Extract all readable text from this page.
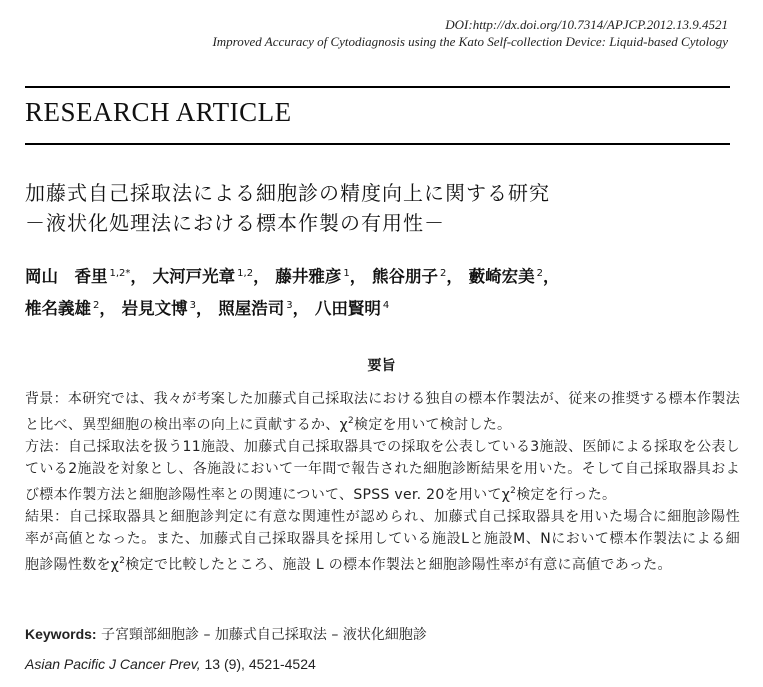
DOI:http://dx.doi.org/10.7314/APJCP.2012.13.9.4521
Improved Accuracy of Cytodiagnosis using the Kato Self-collection Device: Liquid-based Cytology
RESEARCH ARTICLE
加藤式自己採取法による細胞診の精度向上に関する研究
－液状化処理法における標本作製の有用性－
岡山　香里 $^{1,2*}$， 大河戸光章 $^{1,2}$， 藤井雅彦 $^1$， 熊谷朋子 $^2$， 藪崎宏美 $^2$，
椎名義雄 $^2$， 岩見文博 $^3$， 照屋浩司 $^3$， 八田賢明 $^4$
要旨

背景：本研究では、我々が考案した加藤式自己採取法における独自の標本作製法が、従来の推奨する標本作製法と比べ、異型細胞の検出率の向上に貢献するか、$\chi^2$検定を用いて検討した。

方法：自己採取法を扱う11施設、加藤式自己採取器具での採取を公表している3施設、医師による採取を公表している2施設を対象とし、各施設において一年間で報告された細胞診断結果を用いた。そして自己採取器具および標本作製方法と細胞診陽性率との関連について、SPSS ver. 20を用いて$\chi^2$検定を行った。

結果：自己採取器具と細胞診判定に有意な関連性が認められ、加藤式自己採取器具を用いた場合に細胞診陽性率が高値となった。また、加藤式自己採取器具を採用している施設Lと施設M、Nにおいて標本作製法による細胞診陽性数を$\chi^2$検定で比較したところ、施設 L の標本作製法と細胞診陽性率が有意に高値であった。

Keywords: 子宮頸部細胞診 – 加藤式自己採取法 – 液状化細胞診
Asian Pacific J Cancer Prev, 13 (9), 4521-4524
